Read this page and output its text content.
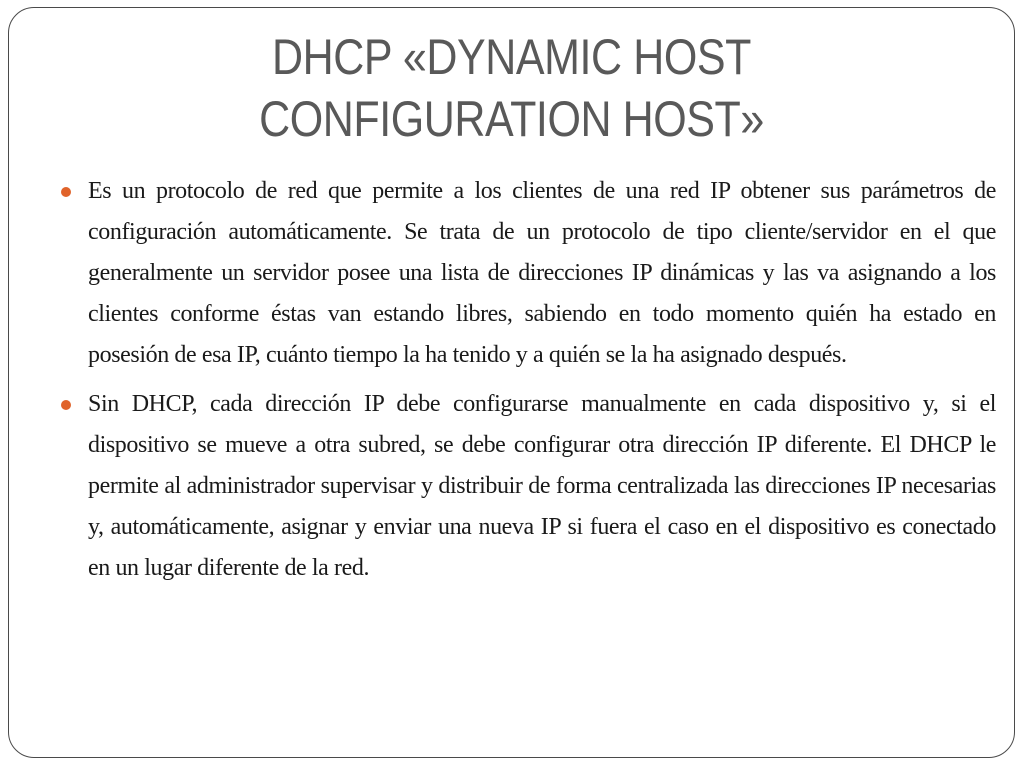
DHCP «DYNAMIC HOST
CONFIGURATION HOST»
Es un protocolo de red que permite a los clientes de una red IP obtener sus parámetros de configuración automáticamente. Se trata de un protocolo de tipo cliente/servidor en el que generalmente un servidor posee una lista de direcciones IP dinámicas y las va asignando a los clientes conforme éstas van estando libres, sabiendo en todo momento quién ha estado en posesión de esa IP, cuánto tiempo la ha tenido y a quién se la ha asignado después.
Sin DHCP, cada dirección IP debe configurarse manualmente en cada dispositivo y, si el dispositivo se mueve a otra subred, se debe configurar otra dirección IP diferente. El DHCP le permite al administrador supervisar y distribuir de forma centralizada las direcciones IP necesarias y, automáticamente, asignar y enviar una nueva IP si fuera el caso en el dispositivo es conectado en un lugar diferente de la red.
